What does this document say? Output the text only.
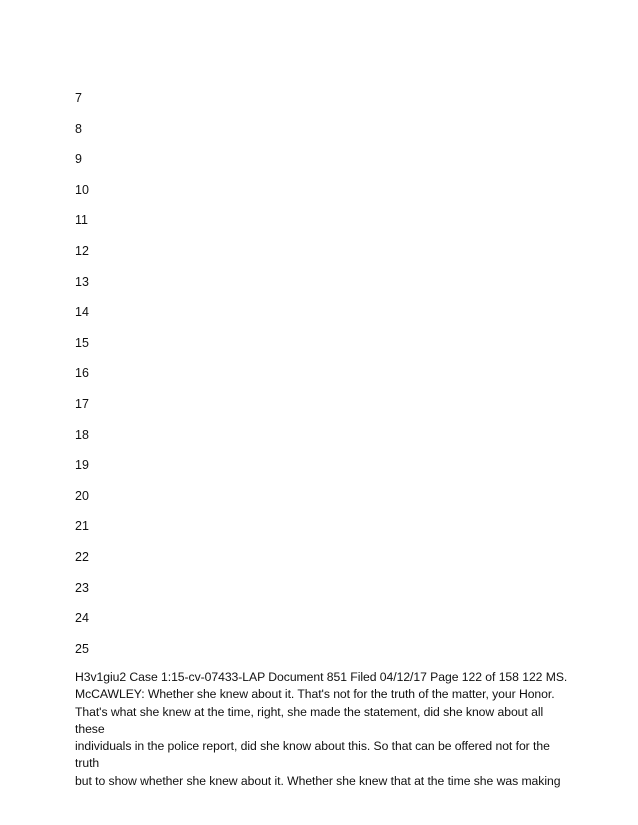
7
8
9
10
11
12
13
14
15
16
17
18
19
20
21
22
23
24
25

H3v1giu2 Case 1:15-cv-07433-LAP Document 851 Filed 04/12/17 Page 122 of 158 122 MS.
McCAWLEY: Whether she knew about it. That's not for the truth of the matter, your Honor.
That's what she knew at the time, right, she made the statement, did she know about all these
individuals in the police report, did she know about this. So that can be offered not for the truth
but to show whether she knew about it. Whether she knew that at the time she was making
